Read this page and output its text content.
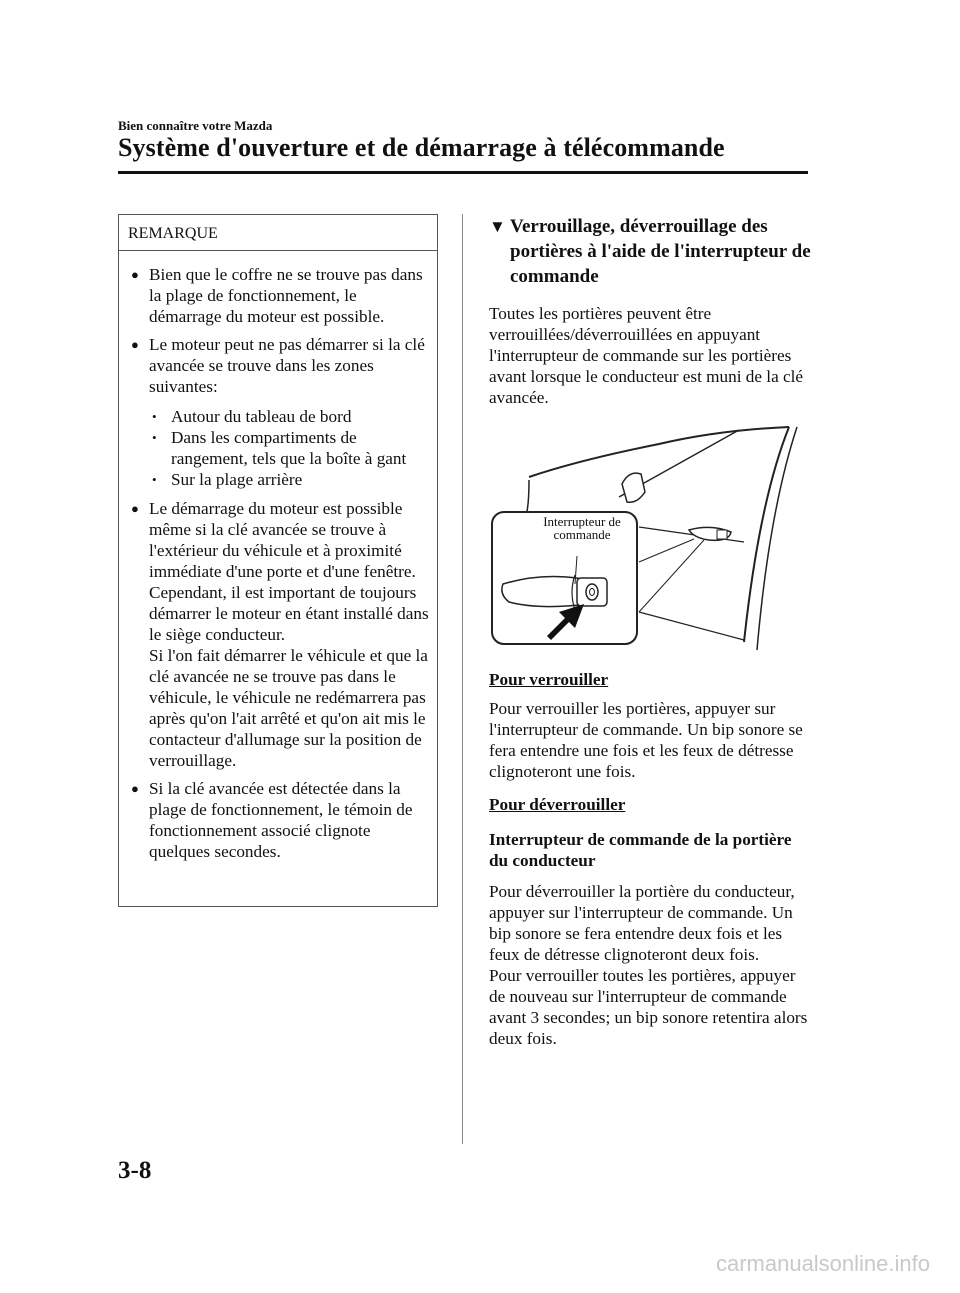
Bien connaître votre Mazda
Système d'ouverture et de démarrage à télécommande
REMARQUE
● Bien que le coffre ne se trouve pas dans la plage de fonctionnement, le démarrage du moteur est possible.
● Le moteur peut ne pas démarrer si la clé avancée se trouve dans les zones suivantes:
• Autour du tableau de bord
• Dans les compartiments de rangement, tels que la boîte à gant
• Sur la plage arrière
● Le démarrage du moteur est possible même si la clé avancée se trouve à l'extérieur du véhicule et à proximité immédiate d'une porte et d'une fenêtre. Cependant, il est important de toujours démarrer le moteur en étant installé dans le siège conducteur.
Si l'on fait démarrer le véhicule et que la clé avancée ne se trouve pas dans le véhicule, le véhicule ne redémarrera pas après qu'on l'ait arrêté et qu'on ait mis le contacteur d'allumage sur la position de verrouillage.
● Si la clé avancée est détectée dans la plage de fonctionnement, le témoin de fonctionnement associé clignote quelques secondes.
▼ Verrouillage, déverrouillage des portières à l'aide de l'interrupteur de commande
Toutes les portières peuvent être verrouillées/déverrouillées en appuyant l'interrupteur de commande sur les portières avant lorsque le conducteur est muni de la clé avancée.
Interrupteur de
commande
Pour verrouiller
Pour verrouiller les portières, appuyer sur l'interrupteur de commande. Un bip sonore se fera entendre une fois et les feux de détresse clignoteront une fois.
Pour déverrouiller
Interrupteur de commande de la portière du conducteur
Pour déverrouiller la portière du conducteur, appuyer sur l'interrupteur de commande. Un bip sonore se fera entendre deux fois et les feux de détresse clignoteront deux fois.
Pour verrouiller toutes les portières, appuyer de nouveau sur l'interrupteur de commande avant 3 secondes; un bip sonore retentira alors deux fois.
3-8
carmanualsonline.info
